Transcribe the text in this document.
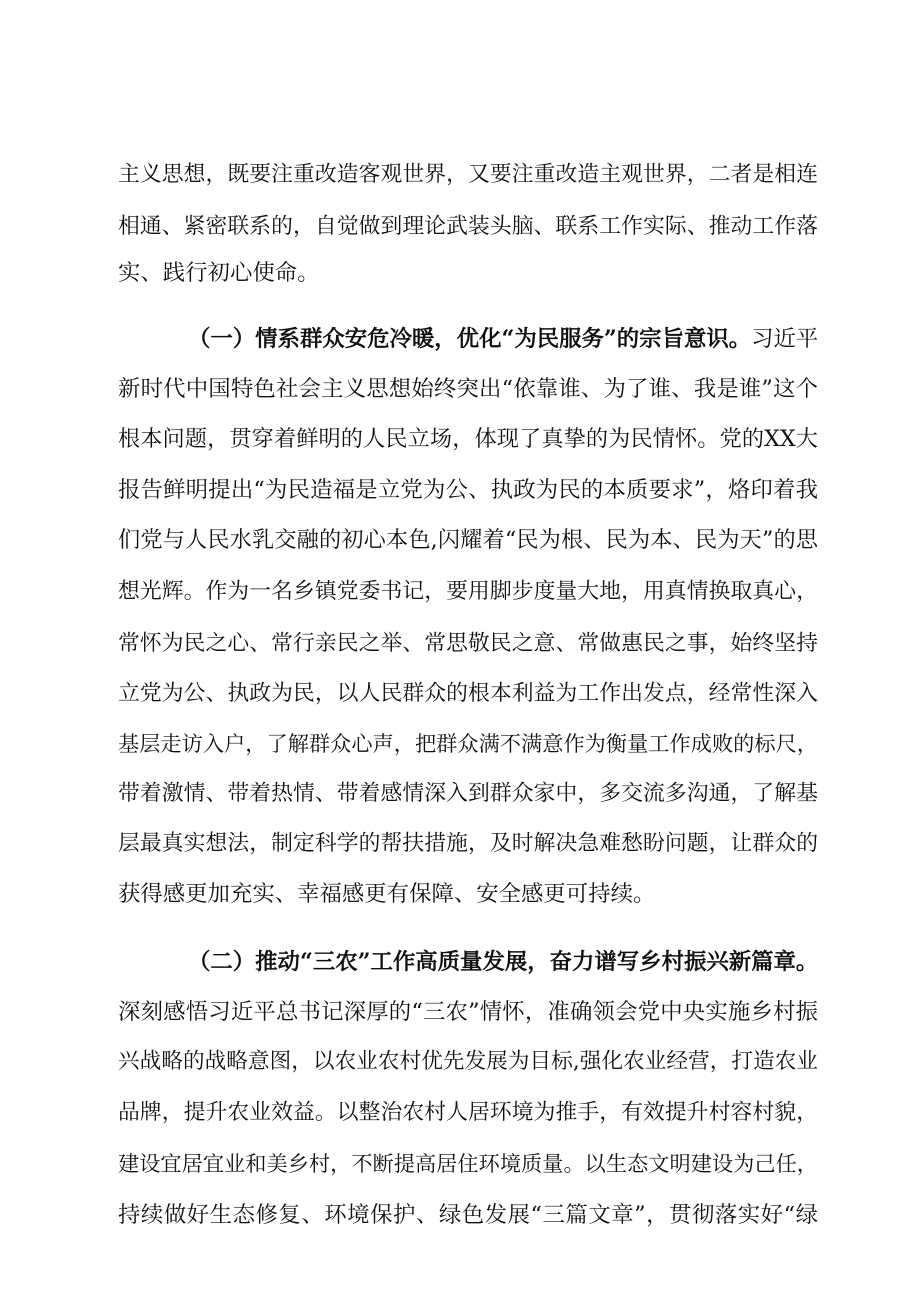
主义思想，既要注重改造客观世界，又要注重改造主观世界，二者是相连
相通、紧密联系的，自觉做到理论武装头脑、联系工作实际、推动工作落
实、践行初心使命。
（一）情系群众安危冷暖，优化“为民服务”的宗旨意识。习近平
新时代中国特色社会主义思想始终突出“依靠谁、为了谁、我是谁”这个
根本问题，贯穿着鲜明的人民立场，体现了真挚的为民情怀。党的XX大
报告鲜明提出“为民造福是立党为公、执政为民的本质要求”，烙印着我
们党与人民水乳交融的初心本色,闪耀着“民为根、民为本、民为天”的思
想光辉。作为一名乡镇党委书记，要用脚步度量大地，用真情换取真心，
常怀为民之心、常行亲民之举、常思敬民之意、常做惠民之事，始终坚持
立党为公、执政为民，以人民群众的根本利益为工作出发点，经常性深入
基层走访入户，了解群众心声，把群众满不满意作为衡量工作成败的标尺，
带着激情、带着热情、带着感情深入到群众家中，多交流多沟通，了解基
层最真实想法，制定科学的帮扶措施，及时解决急难愁盼问题，让群众的
获得感更加充实、幸福感更有保障、安全感更可持续。
（二）推动“三农”工作高质量发展，奋力谱写乡村振兴新篇章。
深刻感悟习近平总书记深厚的“三农”情怀，准确领会党中央实施乡村振
兴战略的战略意图，以农业农村优先发展为目标,强化农业经营，打造农业
品牌，提升农业效益。以整治农村人居环境为推手，有效提升村容村貌，
建设宜居宜业和美乡村，不断提高居住环境质量。以生态文明建设为己任，
持续做好生态修复、环境保护、绿色发展“三篇文章”，贯彻落实好“绿
